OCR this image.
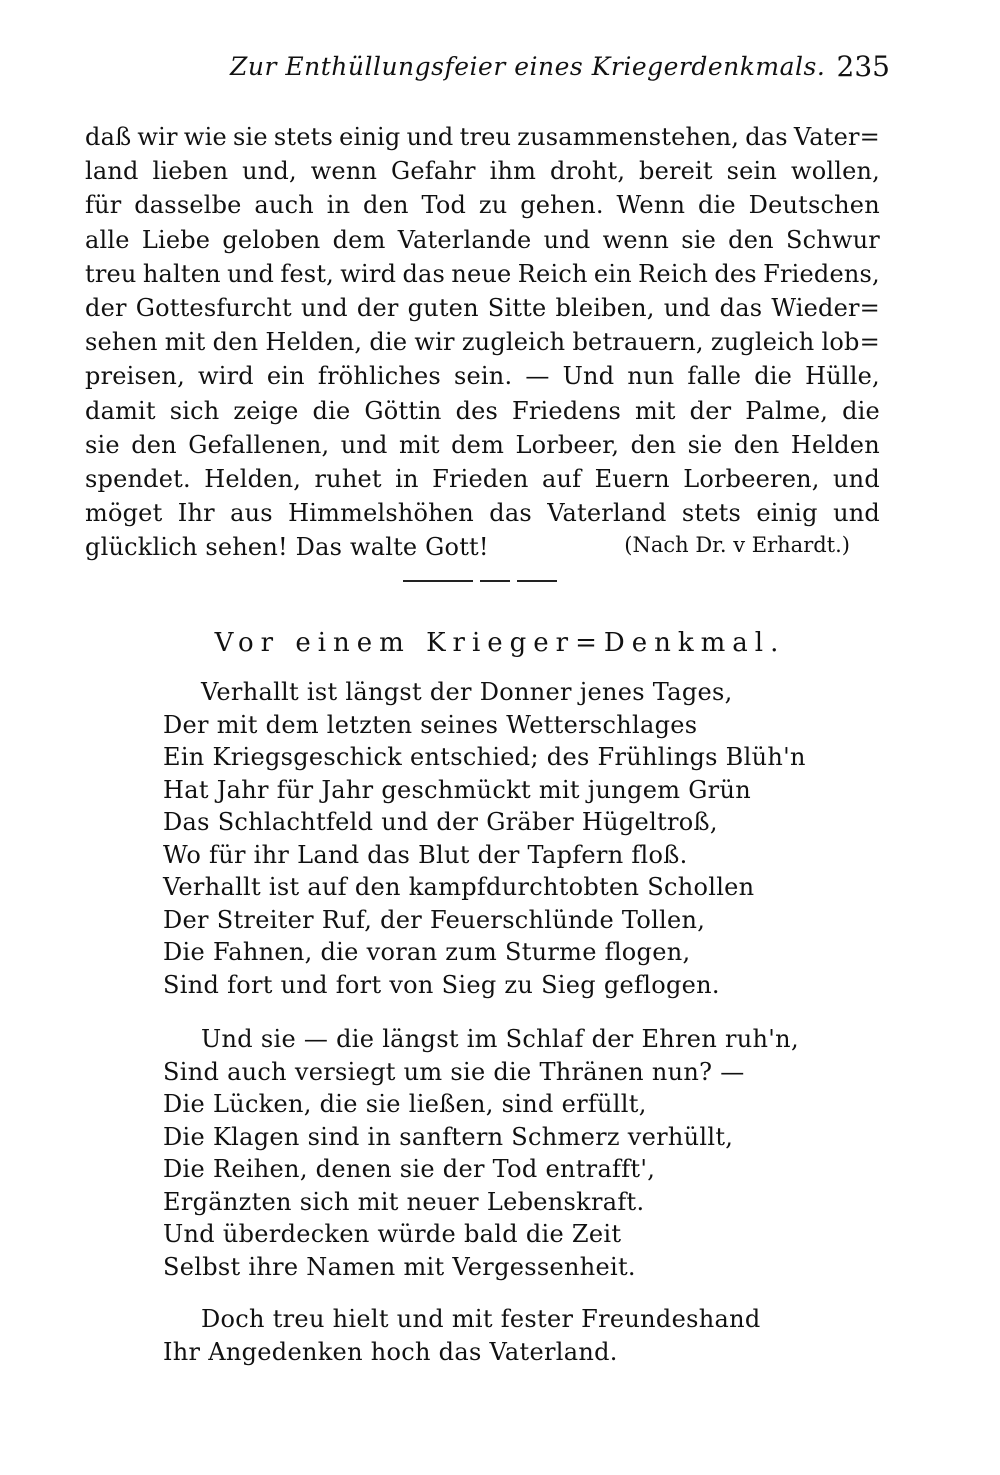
Zur Enthüllungsfeier eines Kriegerdenkmals. 235
daß wir wie sie stets einig und treu zusammenstehen, das Vater=
land lieben und, wenn Gefahr ihm droht, bereit sein wollen,
für dasselbe auch in den Tod zu gehen. Wenn die Deutschen
alle Liebe geloben dem Vaterlande und wenn sie den Schwur
treu halten und fest, wird das neue Reich ein Reich des Friedens,
der Gottesfurcht und der guten Sitte bleiben, und das Wieder=
sehen mit den Helden, die wir zugleich betrauern, zugleich lob=
preisen, wird ein fröhliches sein. — Und nun falle die Hülle,
damit sich zeige die Göttin des Friedens mit der Palme, die
sie den Gefallenen, und mit dem Lorbeer, den sie den Helden
spendet. Helden, ruhet in Frieden auf Euern Lorbeeren, und
möget Ihr aus Himmelshöhen das Vaterland stets einig und
glücklich sehen! Das walte Gott!	(Nach Dr. v Erhardt.)
Vor einem Krieger=Denkmal.
Verhallt ist längst der Donner jenes Tages,
Der mit dem letzten seines Wetterschlages
Ein Kriegsgeschick entschied; des Frühlings Blüh'n
Hat Jahr für Jahr geschmückt mit jungem Grün
Das Schlachtfeld und der Gräber Hügeltroß,
Wo für ihr Land das Blut der Tapfern floß.
Verhallt ist auf den kampfdurchtobten Schollen
Der Streiter Ruf, der Feuerschlünde Tollen,
Die Fahnen, die voran zum Sturme flogen,
Sind fort und fort von Sieg zu Sieg geflogen.
Und sie — die längst im Schlaf der Ehren ruh'n,
Sind auch versiegt um sie die Thränen nun? —
Die Lücken, die sie ließen, sind erfüllt,
Die Klagen sind in sanftern Schmerz verhüllt,
Die Reihen, denen sie der Tod entrafft',
Ergänzten sich mit neuer Lebenskraft.
Und überdecken würde bald die Zeit
Selbst ihre Namen mit Vergessenheit.
Doch treu hielt und mit fester Freundeshand
Ihr Angedenken hoch das Vaterland.
